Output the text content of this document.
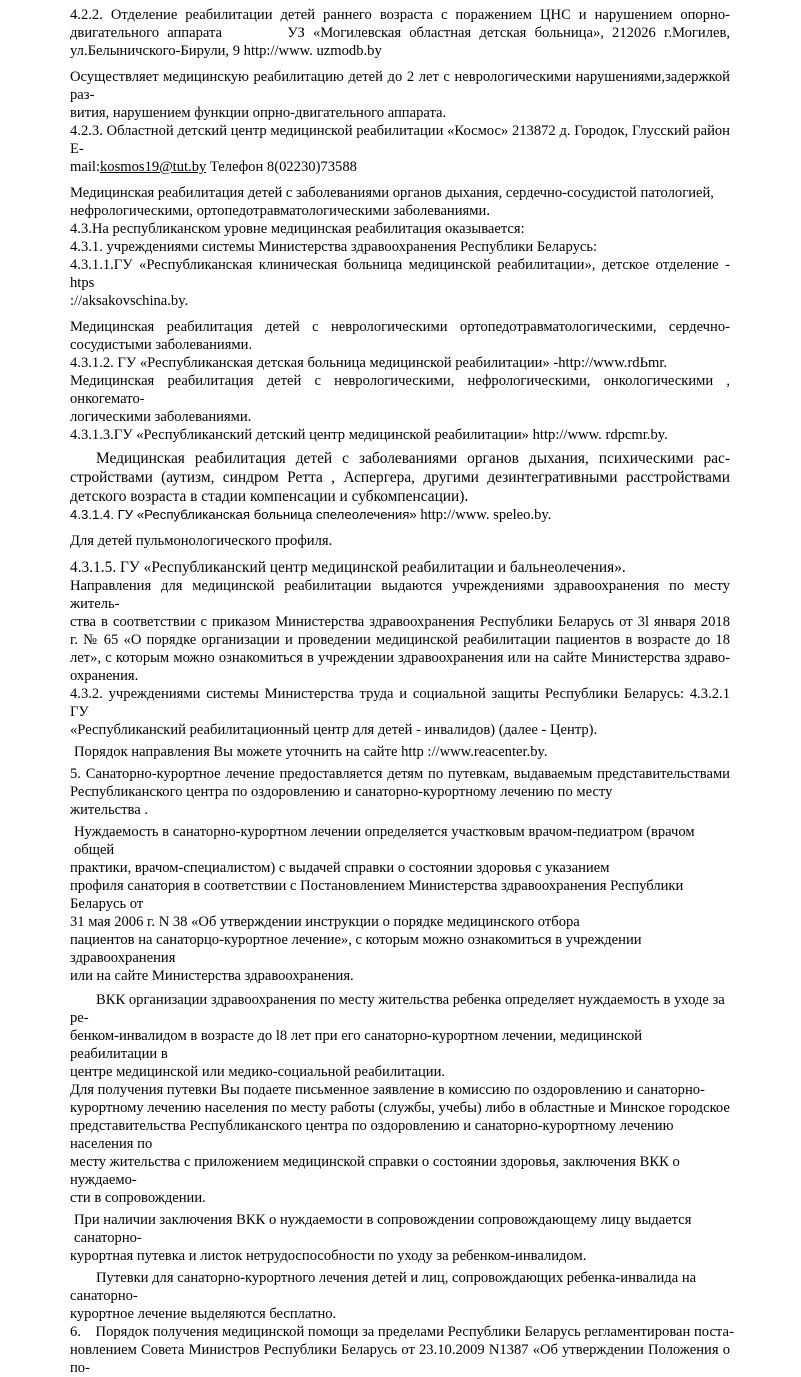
4.2.2. Отделение реабилитации детей раннего возраста с поражением ЦНС и нарушением опорно-

двигательного аппарата        УЗ «Могилевская областная детская больница», 212026 г.Могилев,

ул.Белыничского-Бирули, 9 http://www. uzmodb.by

Осуществляет медицинскую реабилитацию детей до 2 лет с неврологическими нарушениями,задержкой раз-

вития, нарушением функции опрно-двигательного аппарата.

4.2.3. Областной детский центр медицинской реабилитации «Космос» 213872 д. Городок, Глусский район Е-

mail:kosmos19@tut.by Телефон 8(02230)73588

Медицинская реабилитация детей с заболеваниями органов дыхания, сердечно-сосудистой патологией,

нефрологическими, ортопедотравматологическими заболеваниями.

4.3.На республиканском уровне медицинская реабилитация оказывается:

4.3.1. учреждениями системы Министерства здравоохранения Республики Беларусь:

4.3.1.1.ГУ «Республиканская клиническая больница медицинской реабилитации», детское отделение - htps

://aksakovschina.by.

Медицинская реабилитация детей с неврологическими ортопедотравматологическими, сердечно-

сосудистыми заболеваниями.

4.3.1.2. ГУ «Республиканская детская больница медицинской реабилитации» -http://www.rdЬmr.

Медицинская реабилитация детей с неврологическими, нефрологическими, онкологическими , онкогемато-

логическими заболеваниями.

4.3.1.3.ГУ «Республиканский детский центр медицинской реабилитации» http://www. rdpcmr.by.

Медицинская реабилитация детей с заболеваниями органов дыхания, психическими рас-

стройствами (аутизм, синдром Ретта , Аспергера, другими дезинтегративными расстройствами

детского возраста в стадии компенсации и субкомпенсации).

4.3.1.4. ГУ «Республиканская больница спелеолечения» http://www. speleo.by.

Для детей пульмонологического профиля.

4.3.1.5. ГУ «Республиканский центр медицинской реабилитации и бальнеолечения».

Направления для медицинской реабилитации выдаются учреждениями здравоохранения по месту житель-

ства в соответствии с приказом Министерства здравоохранения Республики Беларусь от 3l января 2018

г. № 65 «О порядке организации и проведении медицинской реабилитации пациентов в возрасте до 18

лет», с которым можно ознакомиться в учреждении здравоохранения или на сайте Министерства здраво-

охранения.

4.3.2. учреждениями системы Министерства труда и социальной защиты Республики Беларусь: 4.3.2.1 ГУ

«Республиканский реабилитационный центр для детей - инвалидов) (далее - Центр).

Порядок направления Вы можете уточнить на сайте http ://www.reacenter.by.

5. Санаторно-курортное лечение предоставляется детям по путевкам, выдаваемым представительствами

Республиканского центра по оздоровлению и санаторно-курортному лечению по месту

жительства .

Нуждаемость в санаторно-курортном лечении определяется участковым врачом-педиатром (врачом общей

практики, врачом-специалистом) с выдачей справки о состоянии здоровья с указанием

профиля санатория в соответствии с Постановлением Министерства здравоохранения Республики Беларусь от

31 мая 2006 г. N 38 «Об утверждении инструкции о порядке медицинского отбора

пациентов на санаторцо-курортное лечение», с которым можно ознакомиться в учреждении здравоохранения

или на сайте Министерства здравоохранения.

ВКК организации здравоохранения по месту жительства ребенка определяет нуждаемость в уходе за ре-

бенком-инвалидом в возрасте до l8 лет при его санаторно-курортном лечении, медицинской реабилитации в

центре медицинской или медико-социальной реабилитации.

Для получения путевки Вы подаете письменное заявление в комиссию по оздоровлению и санаторно-

курортному лечению населения по месту работы (службы, учебы) либо в областные и Минское городское

представительства Республиканского центра по оздоровлению и санаторно-курортному лечению населения по

месту жительства с приложением медицинской справки о состоянии здоровья, заключения ВКК о нуждаемо-

сти в сопровождении.

При наличии заключения ВКК о нуждаемости в сопровождении сопровождающему лицу выдается санаторно-

курортная путевка и листок нетрудоспособности по уходу за ребенком-инвалидом.

Путевки для санаторно-курортного лечения детей и лиц, сопровождающих ребенка-инвалида на санаторно-

курортное лечение выделяются бесплатно.

6.    Порядок получения медицинской помощи за пределами Республики Беларусь регламентирован поста-

новлением Совета Министров Республики Беларусь от 23.10.2009 N1387 «Об утверждении Положения о по-
